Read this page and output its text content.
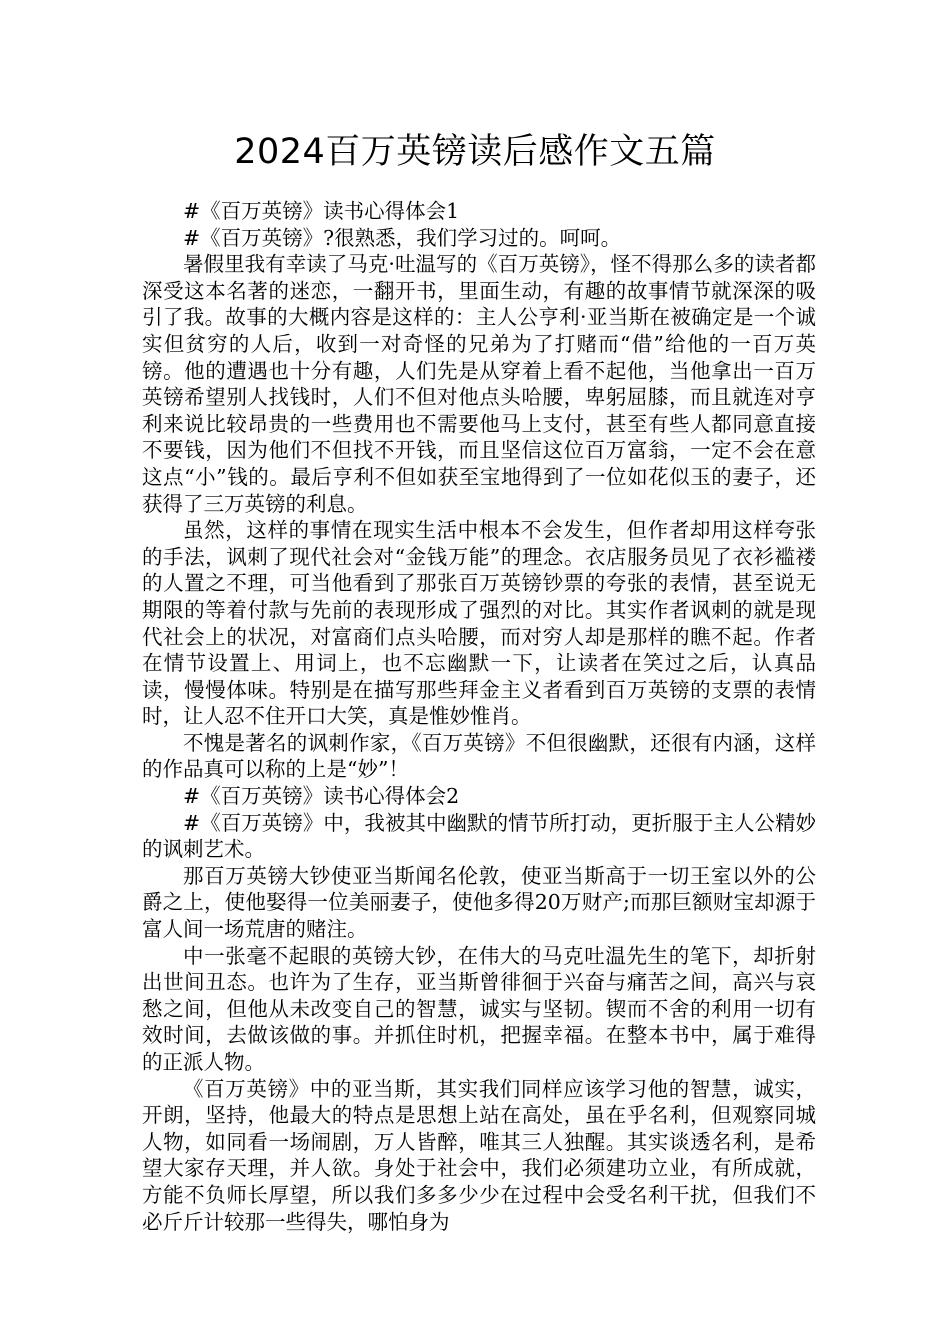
2024百万英镑读后感作文五篇

#《百万英镑》读书心得体会1

#《百万英镑》?很熟悉，我们学习过的。呵呵。

暑假里我有幸读了马克·吐温写的《百万英镑》，怪不得那么多的读者都深受这本名著的迷恋，一翻开书，里面生动，有趣的故事情节就深深的吸引了我。故事的大概内容是这样的：主人公亨利·亚当斯在被确定是一个诚实但贫穷的人后，收到一对奇怪的兄弟为了打赌而“借”给他的一百万英镑。他的遭遇也十分有趣，人们先是从穿着上看不起他，当他拿出一百万英镑希望别人找钱时，人们不但对他点头哈腰，卑躬屈膝，而且就连对亨利来说比较昂贵的一些费用也不需要他马上支付，甚至有些人都同意直接不要钱，因为他们不但找不开钱，而且坚信这位百万富翁，一定不会在意这点“小”钱的。最后亨利不但如获至宝地得到了一位如花似玉的妻子，还获得了三万英镑的利息。

虽然，这样的事情在现实生活中根本不会发生，但作者却用这样夸张的手法，讽刺了现代社会对“金钱万能”的理念。衣店服务员见了衣衫褴褛的人置之不理，可当他看到了那张百万英镑钞票的夸张的表情，甚至说无期限的等着付款与先前的表现形成了强烈的对比。其实作者讽刺的就是现代社会上的状况，对富商们点头哈腰，而对穷人却是那样的瞧不起。作者在情节设置上、用词上，也不忘幽默一下，让读者在笑过之后，认真品读，慢慢体味。特别是在描写那些拜金主义者看到百万英镑的支票的表情时，让人忍不住开口大笑，真是惟妙惟肖。

不愧是著名的讽刺作家，《百万英镑》不但很幽默，还很有内涵，这样的作品真可以称的上是“妙”！

#《百万英镑》读书心得体会2

#《百万英镑》中，我被其中幽默的情节所打动，更折服于主人公精妙的讽刺艺术。

那百万英镑大钞使亚当斯闻名伦敦，使亚当斯高于一切王室以外的公爵之上，使他娶得一位美丽妻子，使他多得20万财产;而那巨额财宝却源于富人间一场荒唐的赌注。

中一张毫不起眼的英镑大钞，在伟大的马克吐温先生的笔下，却折射出世间丑态。也许为了生存，亚当斯曾徘徊于兴奋与痛苦之间，高兴与哀愁之间，但他从未改变自己的智慧，诚实与坚韧。锲而不舍的利用一切有效时间，去做该做的事。并抓住时机，把握幸福。在整本书中，属于难得的正派人物。

《百万英镑》中的亚当斯，其实我们同样应该学习他的智慧，诚实，开朗，坚持，他最大的特点是思想上站在高处，虽在乎名利，但观察同城人物，如同看一场闹剧，万人皆醉，唯其三人独醒。其实谈透名利，是希望大家存天理，并人欲。身处于社会中，我们必须建功立业，有所成就，方能不负师长厚望，所以我们多多少少在过程中会受名利干扰，但我们不必斤斤计较那一些得失，哪怕身为
